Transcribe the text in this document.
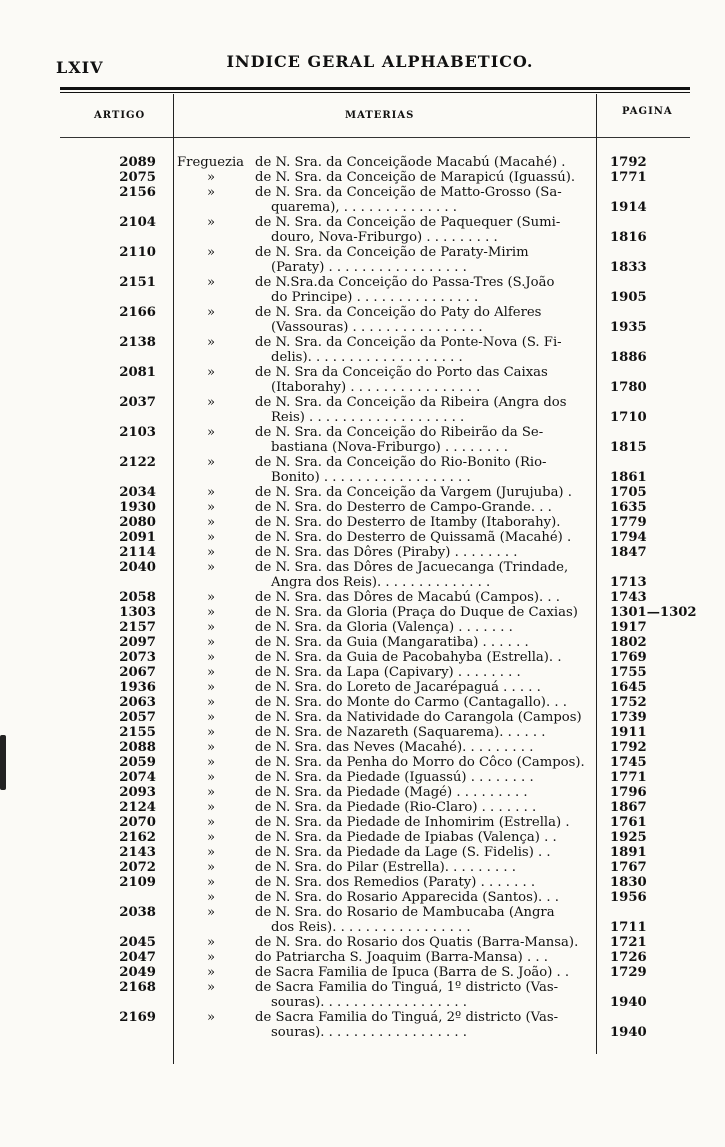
LXIV	INDICE GERAL ALPHABETICO.
ARTIGO	MATERIAS	PAGINA
2089 Freguezia de N. Sra. da Conceiçãode Macabú (Macahé) .	1792
2075	»	de N. Sra. da Conceição de Marapicú (Iguassú).	1771
2156	»	de N. Sra. da Conceição de Matto-Grosso (Sa-
quarema), . . . . . . . . . . . . . .	1914
2104	»	de N. Sra. da Conceição de Paquequer (Sumi-
douro, Nova-Friburgo) . . . . . . . . .	1816
2110	»	de N. Sra. da Conceição de Paraty-Mirim
(Paraty) . . . . . . . . . . . . . . . . .	1833
2151	»	de N.Sra.da Conceição do Passa-Tres (S.João
do Principe) . . . . . . . . . . . . . . .	1905
2166	»	de N. Sra. da Conceição do Paty do Alferes
(Vassouras) . . . . . . . . . . . . . . . .	1935
2138	»	de N. Sra. da Conceição da Ponte-Nova (S. Fi-
delis). . . . . . . . . . . . . . . . . . .	1886
2081	»	de N. Sra da Conceição do Porto das Caixas
(Itaborahy) . . . . . . . . . . . . . . . .	1780
2037	»	de N. Sra. da Conceição da Ribeira (Angra dos
Reis) . . . . . . . . . . . . . . . . . . .	1710
2103	»	de N. Sra. da Conceição do Ribeirão da Se-
bastiana (Nova-Friburgo) . . . . . . . .	1815
2122	»	de N. Sra. da Conceição do Rio-Bonito (Rio-
Bonito) . . . . . . . . . . . . . . . . . .	1861
2034	»	de N. Sra. da Conceição da Vargem (Jurujuba) .	1705
1930	»	de N. Sra. do Desterro de Campo-Grande. . .	1635
2080	»	de N. Sra. do Desterro de Itamby (Itaborahy).	1779
2091	»	de N. Sra. do Desterro de Quissamã (Macahé) .	1794
2114	»	de N. Sra. das Dôres (Piraby) . . . . . . . .	1847
2040	»	de N. Sra. das Dôres de Jacuecanga (Trindade,
Angra dos Reis). . . . . . . . . . . . . .	1713
2058	»	de N. Sra. das Dôres de Macabú (Campos). . .	1743
1303	»	de N. Sra. da Gloria (Praça do Duque de Caxias)	1301—1302
2157	»	de N. Sra. da Gloria (Valença) . . . . . . .	1917
2097	»	de N. Sra. da Guia (Mangaratiba) . . . . . .	1802
2073	»	de N. Sra. da Guia de Pacobahyba (Estrella). .	1769
2067	»	de N. Sra. da Lapa (Capivary) . . . . . . . .	1755
1936	»	de N. Sra. do Loreto de Jacarépaguá . . . . .	1645
2063	»	de N. Sra. do Monte do Carmo (Cantagallo). . .	1752
2057	»	de N. Sra. da Natividade do Carangola (Campos)	1739
2155	»	de N. Sra. de Nazareth (Saquarema). . . . . .	1911
2088	»	de N. Sra. das Neves (Macahé). . . . . . . . .	1792
2059	»	de N. Sra. da Penha do Morro do Côco (Campos).	1745
2074	»	de N. Sra. da Piedade (Iguassú) . . . . . . . .	1771
2093	»	de N. Sra. da Piedade (Magé) . . . . . . . . .	1796
2124	»	de N. Sra. da Piedade (Rio-Claro) . . . . . . .	1867
2070	»	de N. Sra. da Piedade de Inhomirim (Estrella) .	1761
2162	»	de N. Sra. da Piedade de Ipiabas (Valença) . .	1925
2143	»	de N. Sra. da Piedade da Lage (S. Fidelis) . .	1891
2072	»	de N. Sra. do Pilar (Estrella). . . . . . . . .	1767
2109	»	de N. Sra. dos Remedios (Paraty) . . . . . . .	1830
»	de N. Sra. do Rosario Apparecida (Santos). . .	1956
2038	»	de N. Sra. do Rosario de Mambucaba (Angra
dos Reis). . . . . . . . . . . . . . . . .	1711
2045	»	de N. Sra. do Rosario dos Quatis (Barra-Mansa).	1721
2047	»	do Patriarcha S. Joaquim (Barra-Mansa) . . .	1726
2049	»	de Sacra Familia de Ipuca (Barra de S. João) . .	1729
2168	»	de Sacra Familia do Tinguá, 1º districto (Vas-
souras). . . . . . . . . . . . . . . . . .	1940
2169	»	de Sacra Familia do Tinguá, 2º districto (Vas-
souras). . . . . . . . . . . . . . . . . .	1940
